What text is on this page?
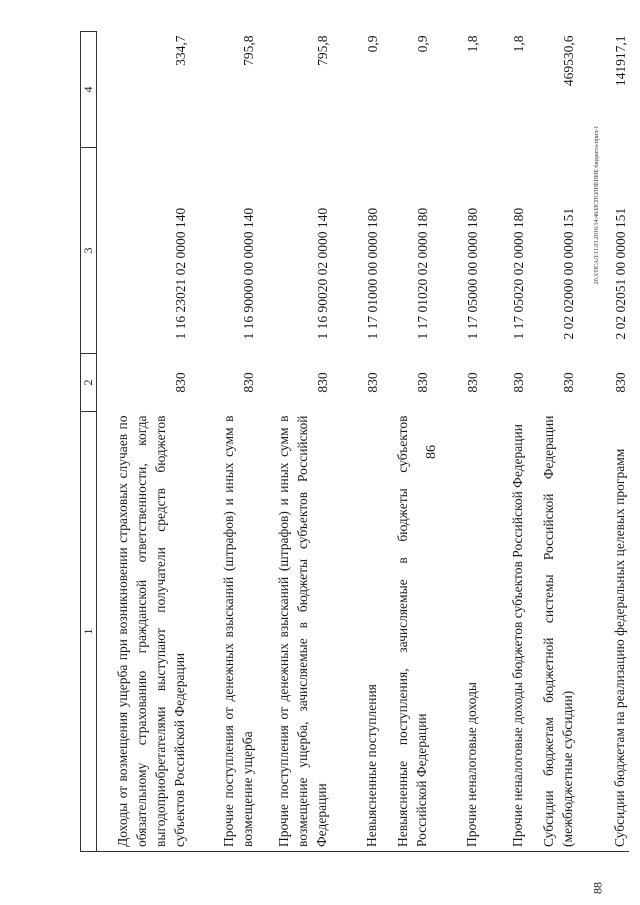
86
88
20.3/ПСАЛ/11.03.2016/14:46/ИСПОЛНЕНИЕ бюджета-прил-1
1	2	3	4
Доходы от возмещения ущерба при возникновении страховых случаев по обязательному страхованию гражданской ответственности, когда выгодоприобретателями выступают получатели средств бюджетов субъектов Российской Федерации	830	1 16 23021 02 0000 140	334,7
Прочие поступления от денежных взысканий (штрафов) и иных сумм в возмещение ущерба	830	1 16 90000 00 0000 140	795,8
Прочие поступления от денежных взысканий (штрафов) и иных сумм в возмещение ущерба, зачисляемые в бюджеты субъектов Российской Федерации	830	1 16 90020 02 0000 140	795,8
Невыясненные поступления	830	1 17 01000 00 0000 180	0,9
Невыясненные поступления, зачисляемые в бюджеты субъектов Российской Федерации	830	1 17 01020 02 0000 180	0,9
Прочие неналоговые доходы	830	1 17 05000 00 0000 180	1,8
Прочие неналоговые доходы бюджетов субъектов Российской Федерации	830	1 17 05020 02 0000 180	1,8
Субсидии бюджетам бюджетной системы Российской Федерации (межбюджетные субсидии)	830	2 02 02000 00 0000 151	469530,6
Субсидии бюджетам на реализацию федеральных целевых программ	830	2 02 02051 00 0000 151	141917,1
